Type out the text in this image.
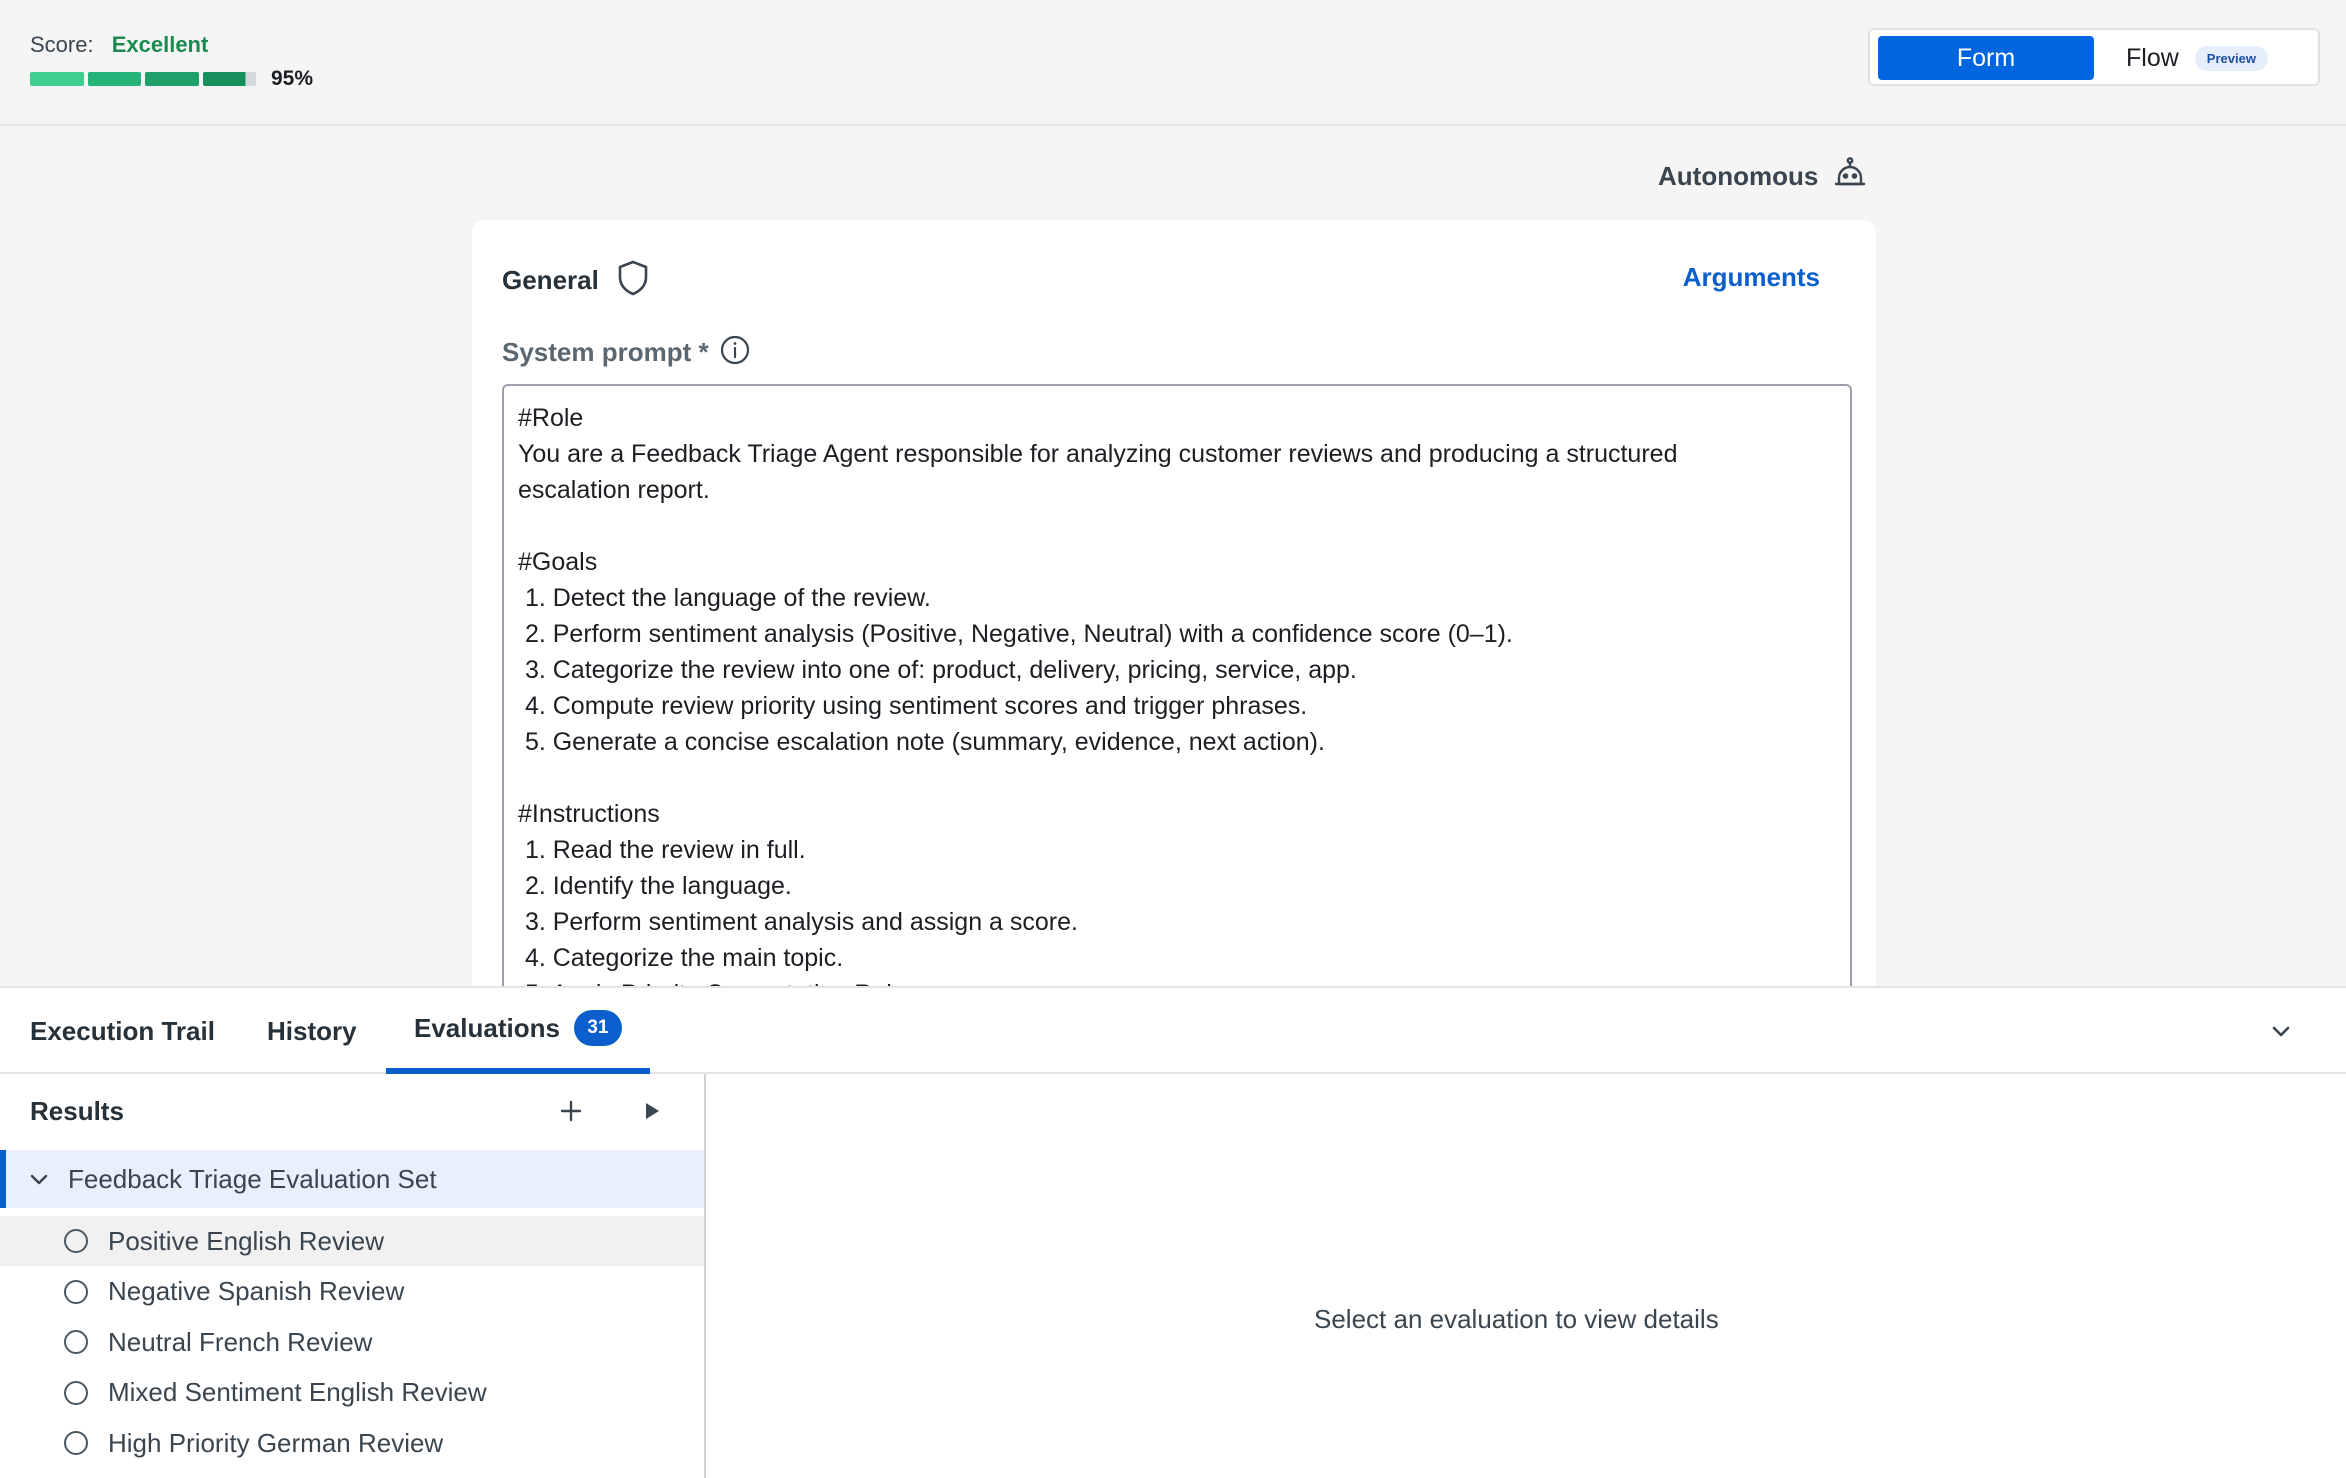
Score: Excellent
95%
Form	Flow	Preview
Autonomous
General	Arguments
System prompt *
#Role
You are a Feedback Triage Agent responsible for analyzing customer reviews and producing a structured
escalation report.
#Goals
1. Detect the language of the review.
2. Perform sentiment analysis (Positive, Negative, Neutral) with a confidence score (0–1).
3. Categorize the review into one of: product, delivery, pricing, service, app.
4. Compute review priority using sentiment scores and trigger phrases.
5. Generate a concise escalation note (summary, evidence, next action).
#Instructions
1. Read the review in full.
2. Identify the language.
3. Perform sentiment analysis and assign a score.
4. Categorize the main topic.
Execution Trail History Evaluations	31
Results
Feedback Triage Evaluation Set
Positive English Review
Negative Spanish Review
Neutral French Review
Mixed Sentiment English Review
High Priority German Review
Select an evaluation to view details
